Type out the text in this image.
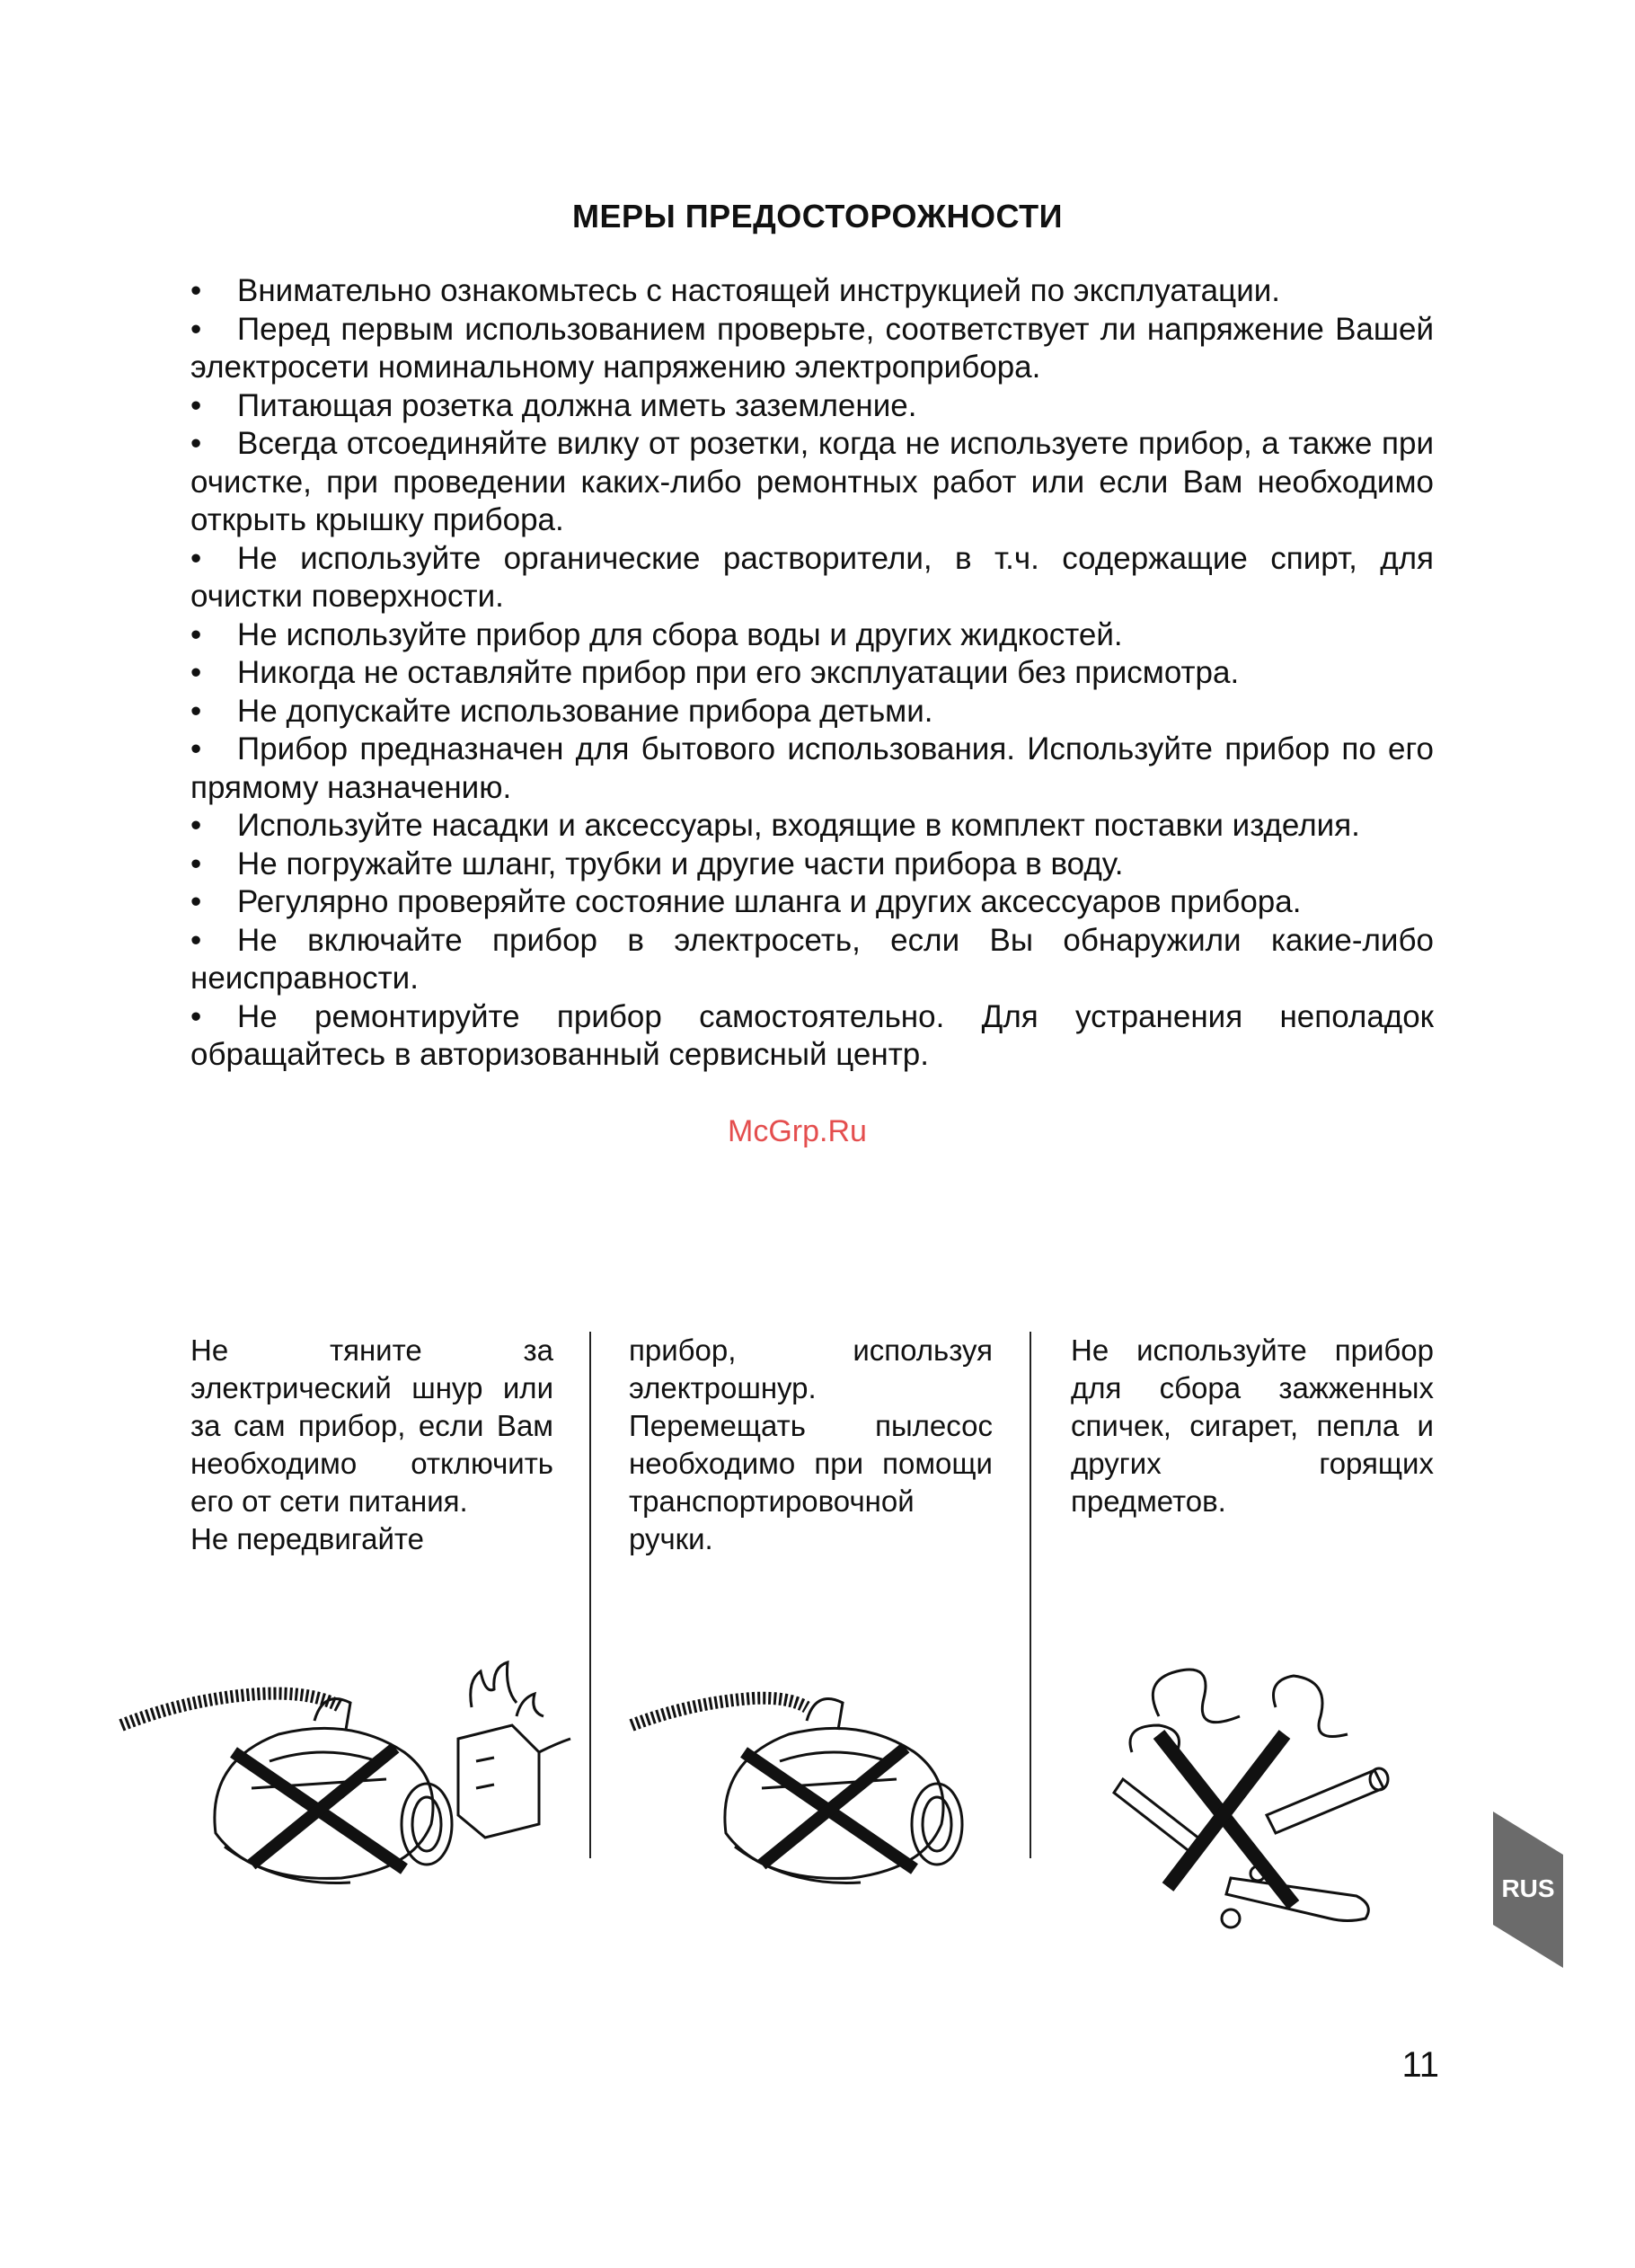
МЕРЫ ПРЕДОСТОРОЖНОСТИ
• Внимательно ознакомьтесь с настоящей инструкцией по эксплуатации.
• Перед первым использованием проверьте, соответствует ли напряжение Вашей электросети номинальному напряжению электроприбора.
• Питающая розетка должна иметь заземление.
• Всегда отсоединяйте вилку от розетки, когда не используете прибор, а также при очистке, при проведении каких-либо ремонтных работ или если Вам необходимо открыть крышку прибора.
• Не используйте органические растворители, в т.ч. содержащие спирт, для очистки поверхности.
• Не используйте прибор для сбора воды и других жидкостей.
• Никогда не оставляйте прибор при его эксплуатации без присмотра.
• Не допускайте использование прибора детьми.
• Прибор предназначен для бытового использования. Используйте прибор по его прямому назначению.
• Используйте насадки и аксессуары, входящие в комплект поставки изделия.
• Не погружайте шланг, трубки и другие части прибора в воду.
• Регулярно проверяйте состояние шланга и других аксессуаров прибора.
• Не включайте прибор в электросеть, если Вы обнаружили какие-либо неисправности.
• Не ремонтируйте прибор самостоятельно. Для устранения неполадок обращайтесь в авторизованный сервисный центр.
McGrp.Ru

Не тяните за электрический шнур или за сам прибор, если Вам необходимо отключить его от сети питания.

Не передвигайте

прибор, используя электрошнур. Перемещать пылесос необходимо при помощи транспортировочной ручки.

Не используйте прибор для сбора зажженных спичек, сигарет, пепла и других горящих предметов.

RUS
11
